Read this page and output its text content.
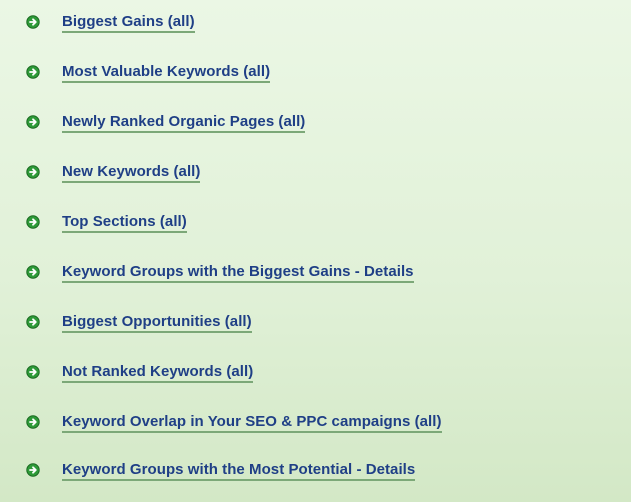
Biggest Gains (all)
Most Valuable Keywords (all)
Newly Ranked Organic Pages (all)
New Keywords (all)
Top Sections (all)
Keyword Groups with the Biggest Gains - Details
Biggest Opportunities (all)
Not Ranked Keywords (all)
Keyword Overlap in Your SEO & PPC campaigns (all)
Keyword Groups with the Most Potential - Details
